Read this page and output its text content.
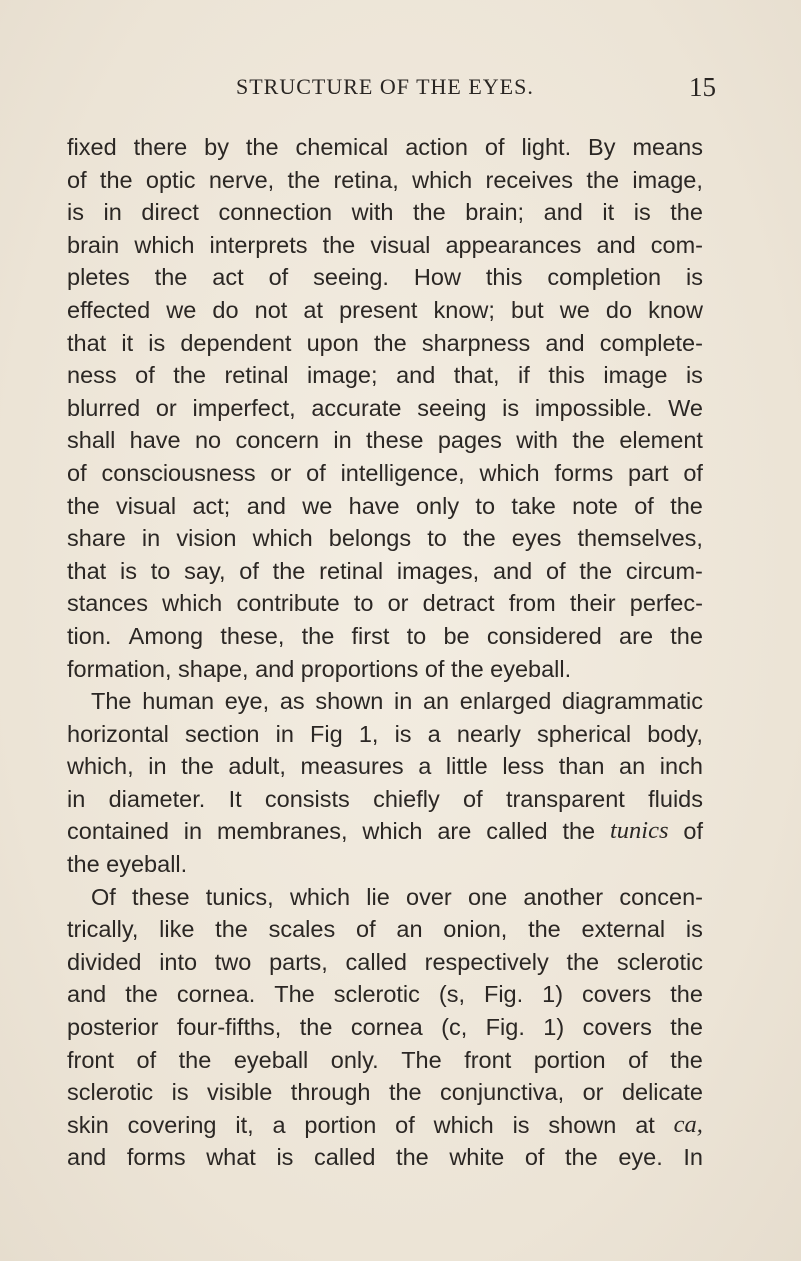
STRUCTURE OF THE EYES.	15
fixed there by the chemical action of light. By means
of the optic nerve, the retina, which receives the image,
is in direct connection with the brain; and it is the
brain which interprets the visual appearances and com-
pletes the act of seeing. How this completion is
effected we do not at present know; but we do know
that it is dependent upon the sharpness and complete-
ness of the retinal image; and that, if this image is
blurred or imperfect, accurate seeing is impossible. We
shall have no concern in these pages with the element
of consciousness or of intelligence, which forms part of
the visual act; and we have only to take note of the
share in vision which belongs to the eyes themselves,
that is to say, of the retinal images, and of the circum-
stances which contribute to or detract from their perfec-
tion. Among these, the first to be considered are the
formation, shape, and proportions of the eyeball.
The human eye, as shown in an enlarged diagrammatic
horizontal section in Fig 1, is a nearly spherical body,
which, in the adult, measures a little less than an inch
in diameter. It consists chiefly of transparent fluids
contained in membranes, which are called the tunics of
the eyeball.
Of these tunics, which lie over one another concen-
trically, like the scales of an onion, the external is
divided into two parts, called respectively the sclerotic
and the cornea. The sclerotic (s, Fig. 1) covers the
posterior four-fifths, the cornea (c, Fig. 1) covers the
front of the eyeball only. The front portion of the
sclerotic is visible through the conjunctiva, or delicate
skin covering it, a portion of which is shown at ca,
and forms what is called the white of the eye. In
